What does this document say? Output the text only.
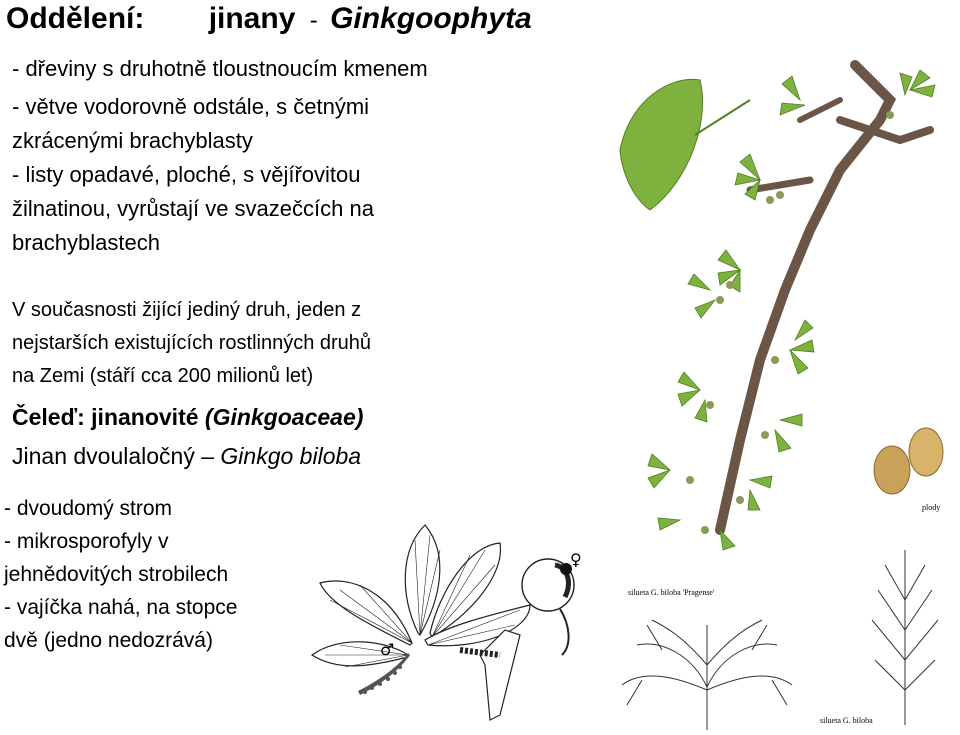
Oddělení: jinany - Ginkgoophyta
- dřeviny s druhotně tloustnoucím kmenem
- větve vodorovně odstále, s četnými
zkrácenými brachyblasty
- listy opadavé, ploché, s vějířovitou
žilnatinou, vyrůstají ve svazečcích na
brachyblastech
V současnosti žijící jediný druh, jeden z
nejstarších existujících rostlinných druhů
na Zemi (stáří cca 200 milionů let)
Čeleď: jinanovité (Ginkgoaceae)
Jinan dvoulaločný – Ginkgo biloba
- dvoudomý strom
- mikrosporofyly v
jehnědovitých strobilech
- vajíčka nahá, na stopce
dvě (jedno nedozrává)	♂
♀
plody
silueta G. biloba 'Pragense'
silueta G. biloba
